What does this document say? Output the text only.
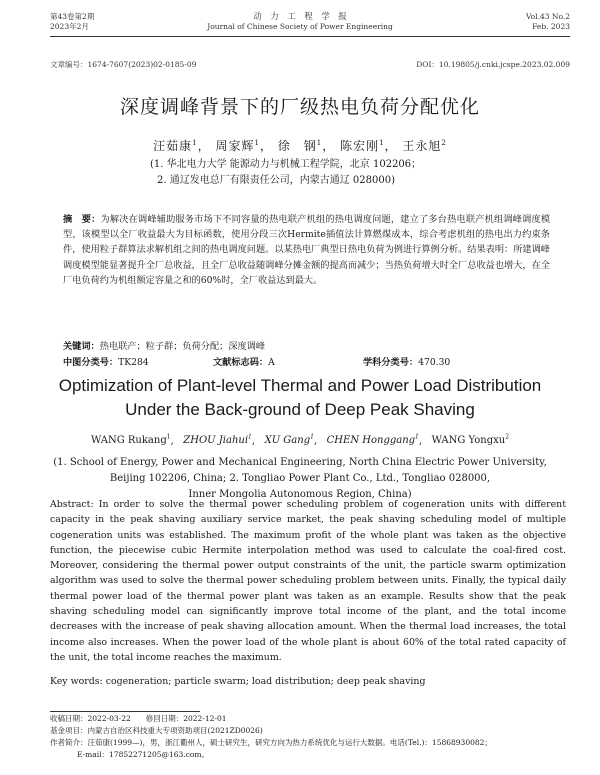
第43卷第2期
2023年2月
动　力　工　程　学　报
Journal of Chinese Society of Power Engineering
Vol.43 No.2
Feb. 2023
文章编号：1674-7607(2023)02-0185-09	DOI：10.19805/j.cnki.jcspe.2023.02.009
深度调峰背景下的厂级热电负荷分配优化
汪茹康$^1$， 周家辉$^1$， 徐　钢$^1$， 陈宏刚$^1$， 王永旭$^2$
(1. 华北电力大学 能源动力与机械工程学院，北京 102206；
2. 通辽发电总厂有限责任公司，内蒙古通辽 028000)
摘　要：为解决在调峰辅助服务市场下不同容量的热电联产机组的热电调度问题，建立了多台热电联产机组调峰调度模型，该模型以全厂收益最大为目标函数，使用分段三次Hermite插值法计算燃煤成本，综合考虑机组的热电出力约束条件，使用粒子群算法求解机组之间的热电调度问题。以某热电厂典型日热电负荷为例进行算例分析。结果表明：所建调峰调度模型能显著提升全厂总收益，且全厂总收益随调峰分摊金额的提高而减少；当热负荷增大时全厂总收益也增大，在全厂电负荷约为机组额定容量之和的60%时，全厂收益达到最大。
关键词：热电联产；粒子群；负荷分配；深度调峰
中图分类号：TK284	文献标志码：A	学科分类号：470.30
Optimization of Plant-level Thermal and Power Load Distribution
Under the Back-ground of Deep Peak Shaving
WANG Rukang$^1$,   ZHOU Jiahui$^1$,   XU Gang$^1$,   CHEN Honggang$^1$,   WANG Yongxu$^2$
(1. School of Energy, Power and Mechanical Engineering, North China Electric Power University,
Beijing 102206, China; 2. Tongliao Power Plant Co., Ltd., Tongliao 028000,
Inner Mongolia Autonomous Region, China)
Abstract: In order to solve the thermal power scheduling problem of cogeneration units with different capacity in the peak shaving auxiliary service market, the peak shaving scheduling model of multiple cogeneration units was established. The maximum profit of the whole plant was taken as the objective function, the piecewise cubic Hermite interpolation method was used to calculate the coal-fired cost. Moreover, considering the thermal power output constraints of the unit, the particle swarm optimization algorithm was used to solve the thermal power scheduling problem between units. Finally, the typical daily thermal power load of the thermal power plant was taken as an example. Results show that the peak shaving scheduling model can significantly improve total income of the plant, and the total income decreases with the increase of peak shaving allocation amount. When the thermal load increases, the total income also increases. When the power load of the whole plant is about 60% of the total rated capacity of the unit, the total income reaches the maximum.
Key words: cogeneration; particle swarm; load distribution; deep peak shaving
收稿日期：2022-03-22　　修回日期：2022-12-01
基金项目：内蒙古自治区科技重大专项资助项目(2021ZD0026)
作者简介：汪茹康(1999—)，男，浙江衢州人，硕士研究生，研究方向为热力系统优化与运行大数据。电话(Tel.)：15868930082；
E-mail：17852271205@163.com。
